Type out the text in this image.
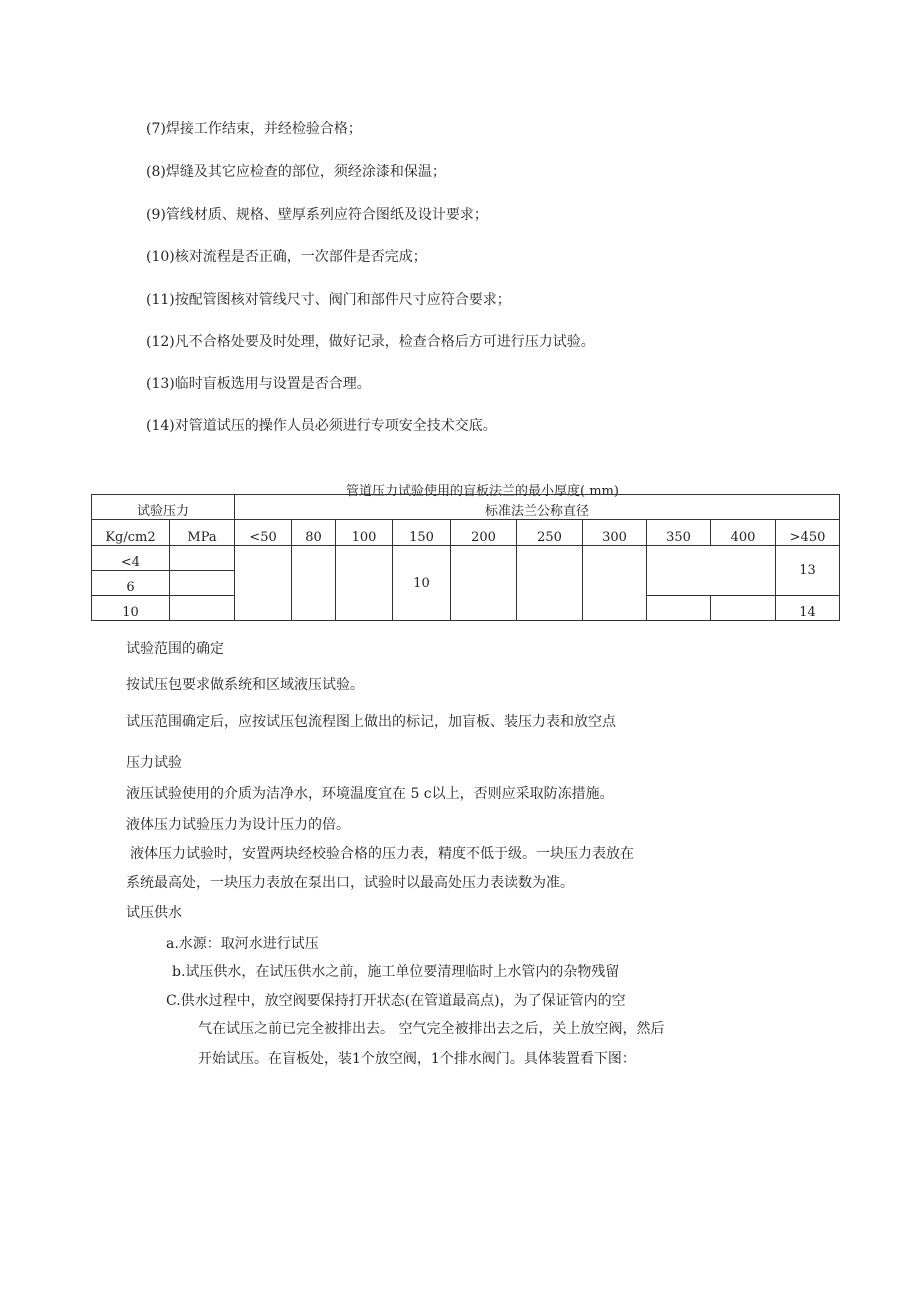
(7)焊接工作结束，并经检验合格；
(8)焊缝及其它应检查的部位，须经涂漆和保温；
(9)管线材质、规格、壁厚系列应符合图纸及设计要求；
(10)核对流程是否正确，一次部件是否完成；
(11)按配管图核对管线尺寸、阀门和部件尺寸应符合要求；
(12)凡不合格处要及时处理，做好记录，检查合格后方可进行压力试验。
(13)临时盲板选用与设置是否合理。
(14)对管道试压的操作人员必须进行专项安全技术交底。
管道压力试验使用的盲板法兰的最小厚度( mm)
试验压力		标准法兰公称直径									
Kg/cm2	MPa	<50	80	100	150	200	250	300	350	400	>450
<4					10						13
6											
10											14
试验范围的确定
按试压包要求做系统和区域液压试验。
试压范围确定后，应按试压包流程图上做出的标记，加盲板、装压力表和放空点
压力试验
液压试验使用的介质为洁净水，环境温度宜在 5 c以上，否则应采取防冻措施。
液体压力试验压力为设计压力的倍。
液体压力试验时，安置两块经校验合格的压力表，精度不低于级。一块压力表放在
系统最高处，一块压力表放在泵出口，试验时以最高处压力表读数为准。
试压供水
a.水源：取河水进行试压
b.试压供水，在试压供水之前，施工单位要清理临时上水管内的杂物残留
C.供水过程中，放空阀要保持打开状态(在管道最高点)，为了保证管内的空
气在试压之前已完全被排出去。 空气完全被排出去之后，关上放空阀，然后
开始试压。在盲板处，装1个放空阀，1个排水阀门。具体装置看下图：
